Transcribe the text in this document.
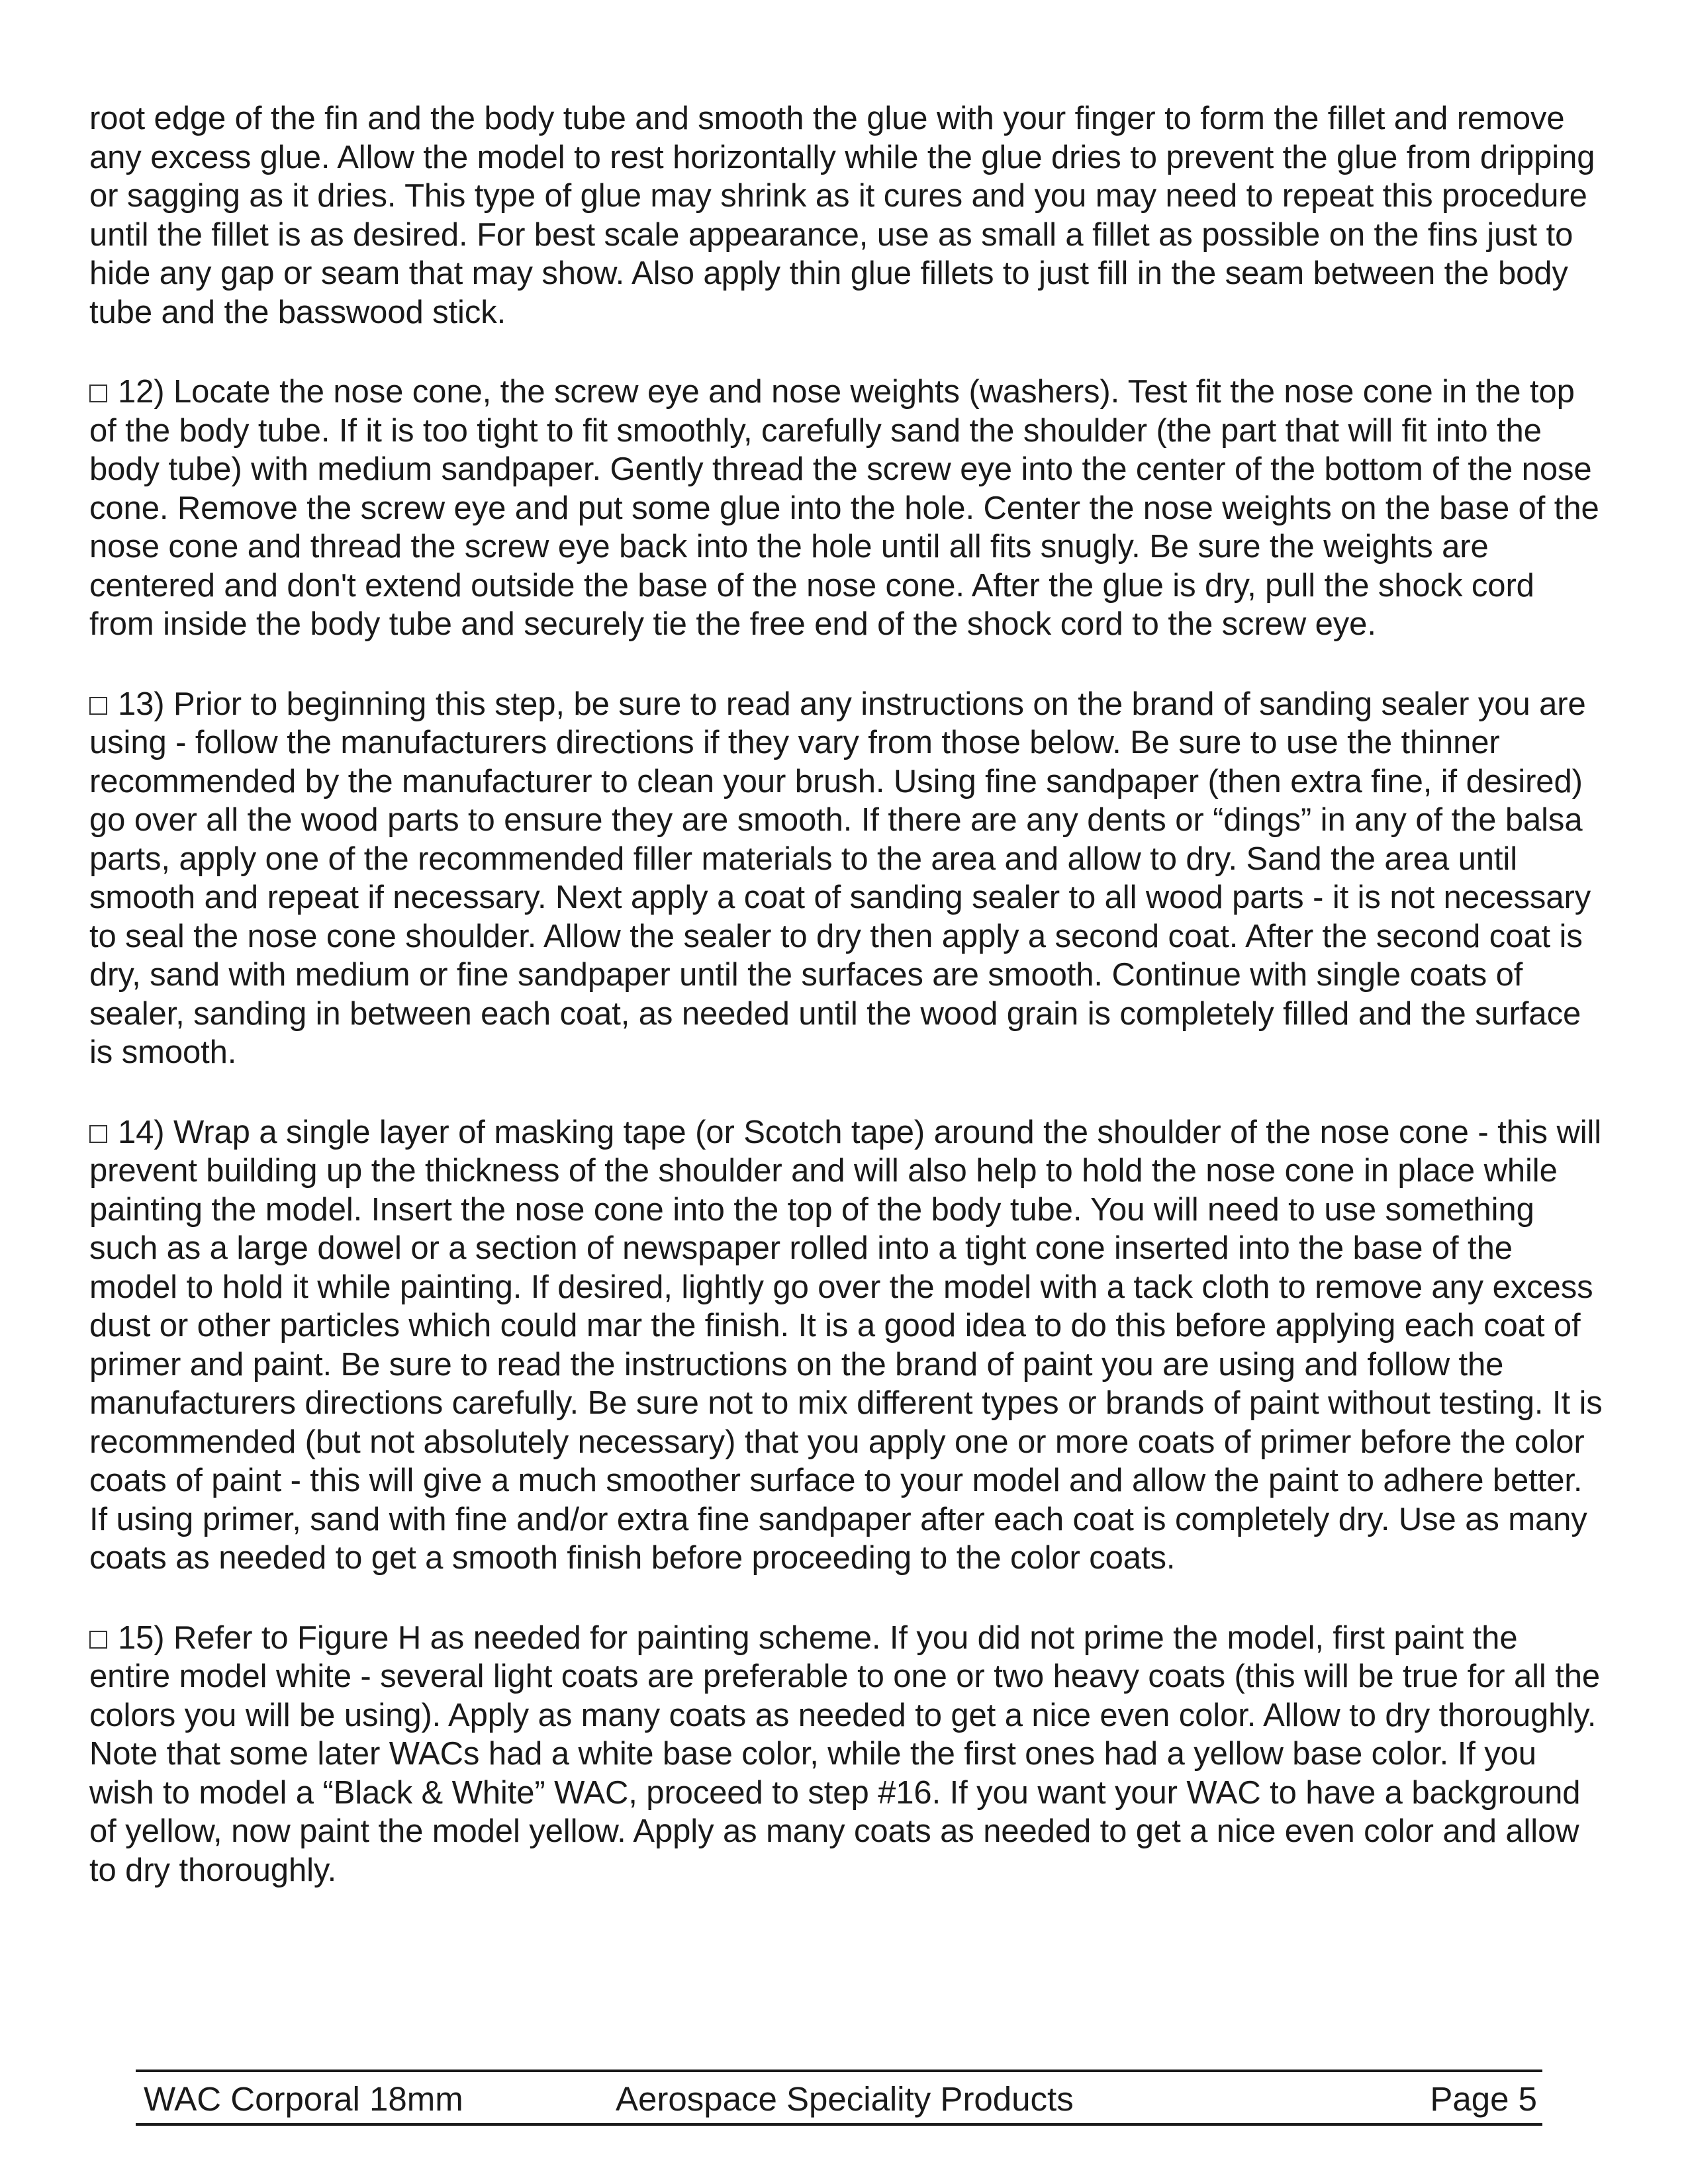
root edge of the fin and the body tube and smooth the glue with your finger to form the fillet and remove any excess glue. Allow the model to rest horizontally while the glue dries to prevent the glue from dripping or sagging as it dries. This type of glue may shrink as it cures and you may need to repeat this procedure until the fillet is as desired. For best scale appearance, use as small a fillet as possible on the fins just to hide any gap or seam that may show. Also apply thin glue fillets to just fill in the seam between the body tube and the basswood stick.

12) Locate the nose cone, the screw eye and nose weights (washers). Test fit the nose cone in the top of the body tube. If it is too tight to fit smoothly, carefully sand the shoulder (the part that will fit into the body tube) with medium sandpaper. Gently thread the screw eye into the center of the bottom of the nose cone. Remove the screw eye and put some glue into the hole. Center the nose weights on the base of the nose cone and thread the screw eye back into the hole until all fits snugly. Be sure the weights are centered and don't extend outside the base of the nose cone. After the glue is dry, pull the shock cord from inside the body tube and securely tie the free end of the shock cord to the screw eye.

13) Prior to beginning this step, be sure to read any instructions on the brand of sanding sealer you are using - follow the manufacturers directions if they vary from those below. Be sure to use the thinner recommended by the manufacturer to clean your brush. Using fine sandpaper (then extra fine, if desired) go over all the wood parts to ensure they are smooth. If there are any dents or “dings” in any of the balsa parts, apply one of the recommended filler materials to the area and allow to dry. Sand the area until smooth and repeat if necessary. Next apply a coat of sanding sealer to all wood parts - it is not necessary to seal the nose cone shoulder. Allow the sealer to dry then apply a second coat. After the second coat is dry, sand with medium or fine sandpaper until the surfaces are smooth. Continue with single coats of sealer, sanding in between each coat, as needed until the wood grain is completely filled and the surface is smooth.

14) Wrap a single layer of masking tape (or Scotch tape) around the shoulder of the nose cone - this will prevent building up the thickness of the shoulder and will also help to hold the nose cone in place while painting the model. Insert the nose cone into the top of the body tube. You will need to use something such as a large dowel or a section of newspaper rolled into a tight cone inserted into the base of the model to hold it while painting. If desired, lightly go over the model with a tack cloth to remove any excess dust or other particles which could mar the finish. It is a good idea to do this before applying each coat of primer and paint. Be sure to read the instructions on the brand of paint you are using and follow the manufacturers directions carefully. Be sure not to mix different types or brands of paint without testing. It is recommended (but not absolutely necessary) that you apply one or more coats of primer before the color coats of paint - this will give a much smoother surface to your model and allow the paint to adhere better. If using primer, sand with fine and/or extra fine sandpaper after each coat is completely dry. Use as many coats as needed to get a smooth finish before proceeding to the color coats.

15) Refer to Figure H as needed for painting scheme. If you did not prime the model, first paint the entire model white - several light coats are preferable to one or two heavy coats (this will be true for all the colors you will be using). Apply as many coats as needed to get a nice even color. Allow to dry thoroughly. Note that some later WACs had a white base color, while the first ones had a yellow base color. If you wish to model a “Black & White” WAC, proceed to step #16. If you want your WAC to have a background of yellow, now paint the model yellow. Apply as many coats as needed to get a nice even color and allow to dry thoroughly.

WAC Corporal 18mm	Aerospace Speciality Products	Page 5
